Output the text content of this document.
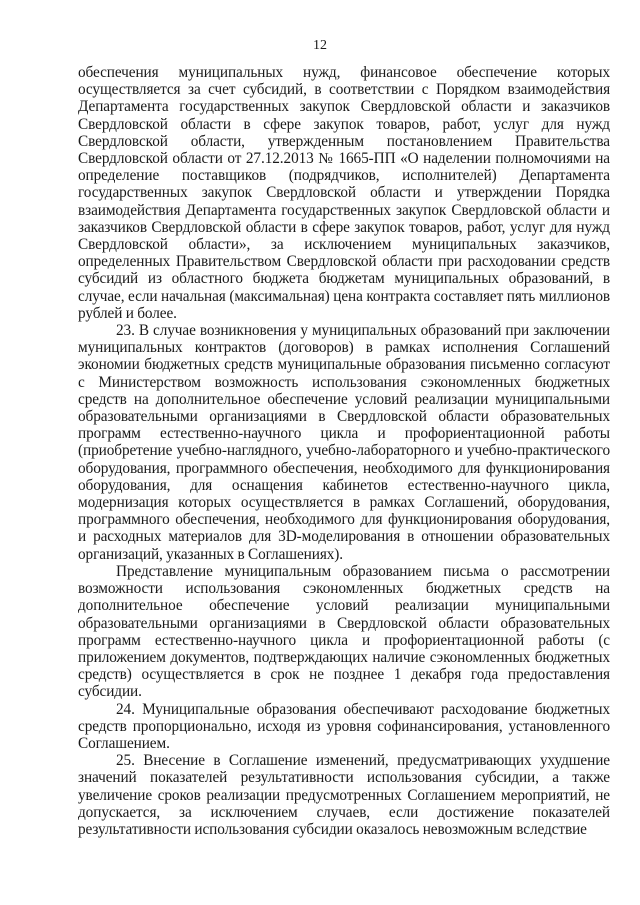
12

обеспечения муниципальных нужд, финансовое обеспечение которых осуществляется за счет субсидий, в соответствии с Порядком взаимодействия Департамента государственных закупок Свердловской области и заказчиков Свердловской области в сфере закупок товаров, работ, услуг для нужд Свердловской области, утвержденным постановлением Правительства Свердловской области от 27.12.2013 № 1665-ПП «О наделении полномочиями на определение поставщиков (подрядчиков, исполнителей) Департамента государственных закупок Свердловской области и утверждении Порядка взаимодействия Департамента государственных закупок Свердловской области и заказчиков Свердловской области в сфере закупок товаров, работ, услуг для нужд Свердловской области», за исключением муниципальных заказчиков, определенных Правительством Свердловской области при расходовании средств субсидий из областного бюджета бюджетам муниципальных образований, в случае, если начальная (максимальная) цена контракта составляет пять миллионов рублей и более.

23. В случае возникновения у муниципальных образований при заключении муниципальных контрактов (договоров) в рамках исполнения Соглашений экономии бюджетных средств муниципальные образования письменно согласуют с Министерством возможность использования сэкономленных бюджетных средств на дополнительное обеспечение условий реализации муниципальными образовательными организациями в Свердловской области образовательных программ естественно-научного цикла и профориентационной работы (приобретение учебно-наглядного, учебно-лабораторного и учебно-практического оборудования, программного обеспечения, необходимого для функционирования оборудования, для оснащения кабинетов естественно-научного цикла, модернизация которых осуществляется в рамках Соглашений, оборудования, программного обеспечения, необходимого для функционирования оборудования, и расходных материалов для 3D-моделирования в отношении образовательных организаций, указанных в Соглашениях).

Представление муниципальным образованием письма о рассмотрении возможности использования сэкономленных бюджетных средств на дополнительное обеспечение условий реализации муниципальными образовательными организациями в Свердловской области образовательных программ естественно-научного цикла и профориентационной работы (с приложением документов, подтверждающих наличие сэкономленных бюджетных средств) осуществляется в срок не позднее 1 декабря года предоставления субсидии.

24. Муниципальные образования обеспечивают расходование бюджетных средств пропорционально, исходя из уровня софинансирования, установленного Соглашением.

25. Внесение в Соглашение изменений, предусматривающих ухудшение значений показателей результативности использования субсидии, а также увеличение сроков реализации предусмотренных Соглашением мероприятий, не допускается, за исключением случаев, если достижение показателей результативности использования субсидии оказалось невозможным вследствие
